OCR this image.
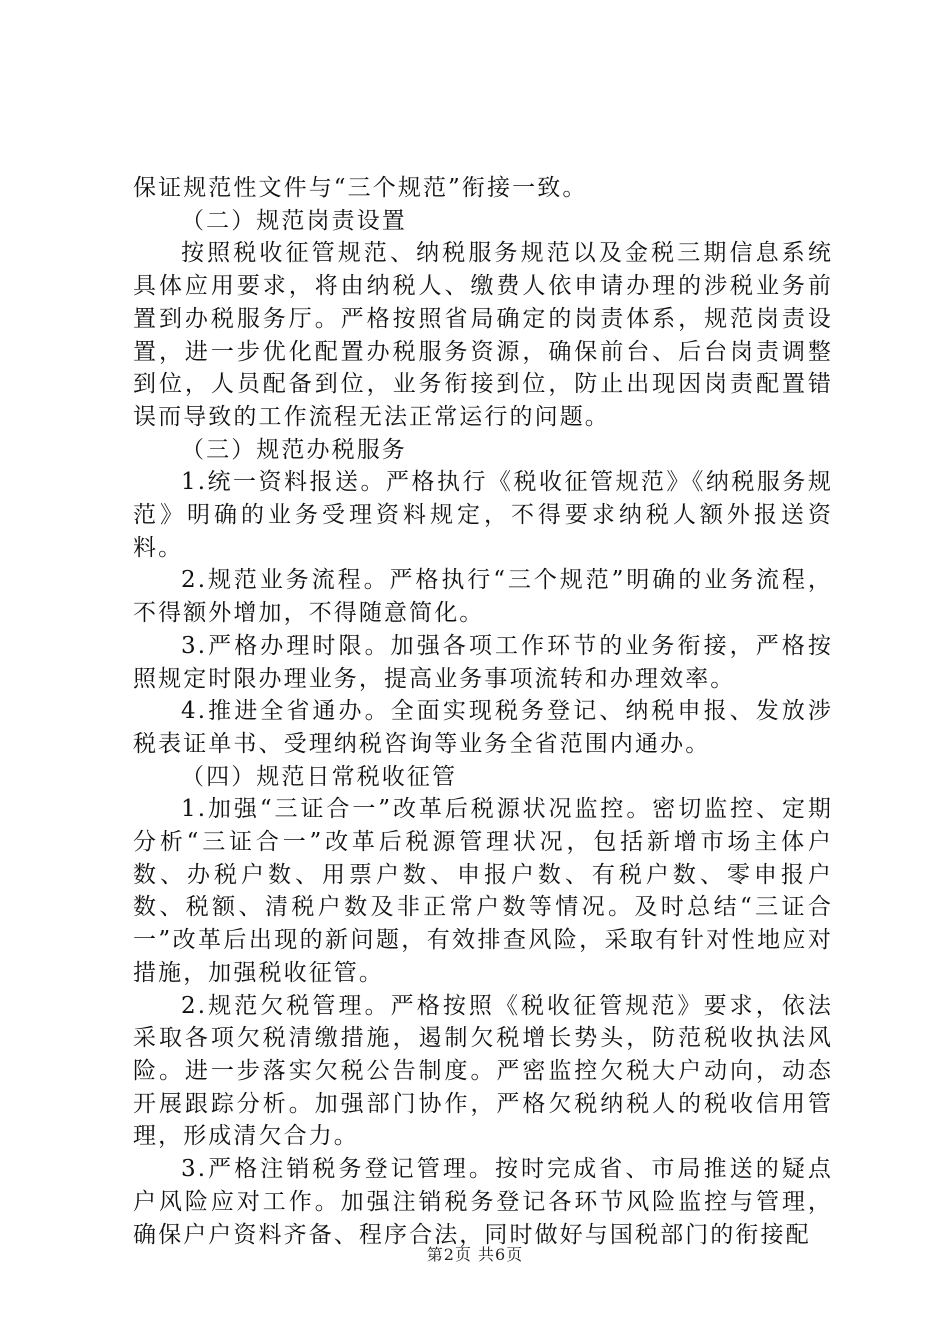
保证规范性文件与“三个规范”衔接一致。

（二）规范岗责设置

按照税收征管规范、纳税服务规范以及金税三期信息系统具体应用要求，将由纳税人、缴费人依申请办理的涉税业务前置到办税服务厅。严格按照省局确定的岗责体系，规范岗责设置，进一步优化配置办税服务资源，确保前台、后台岗责调整到位，人员配备到位，业务衔接到位，防止出现因岗责配置错误而导致的工作流程无法正常运行的问题。

（三）规范办税服务

1.统一资料报送。严格执行《税收征管规范》《纳税服务规范》明确的业务受理资料规定，不得要求纳税人额外报送资料。

2.规范业务流程。严格执行“三个规范”明确的业务流程，不得额外增加，不得随意简化。

3.严格办理时限。加强各项工作环节的业务衔接，严格按照规定时限办理业务，提高业务事项流转和办理效率。

4.推进全省通办。全面实现税务登记、纳税申报、发放涉税表证单书、受理纳税咨询等业务全省范围内通办。

（四）规范日常税收征管

1.加强“三证合一”改革后税源状况监控。密切监控、定期分析“三证合一”改革后税源管理状况，包括新增市场主体户数、办税户数、用票户数、申报户数、有税户数、零申报户数、税额、清税户数及非正常户数等情况。及时总结“三证合一”改革后出现的新问题，有效排查风险，采取有针对性地应对措施，加强税收征管。

2.规范欠税管理。严格按照《税收征管规范》要求，依法采取各项欠税清缴措施，遏制欠税增长势头，防范税收执法风险。进一步落实欠税公告制度。严密监控欠税大户动向，动态开展跟踪分析。加强部门协作，严格欠税纳税人的税收信用管理，形成清欠合力。

3.严格注销税务登记管理。按时完成省、市局推送的疑点户风险应对工作。加强注销税务登记各环节风险监控与管理，确保户户资料齐备、程序合法，同时做好与国税部门的衔接配

第2页 共6页
